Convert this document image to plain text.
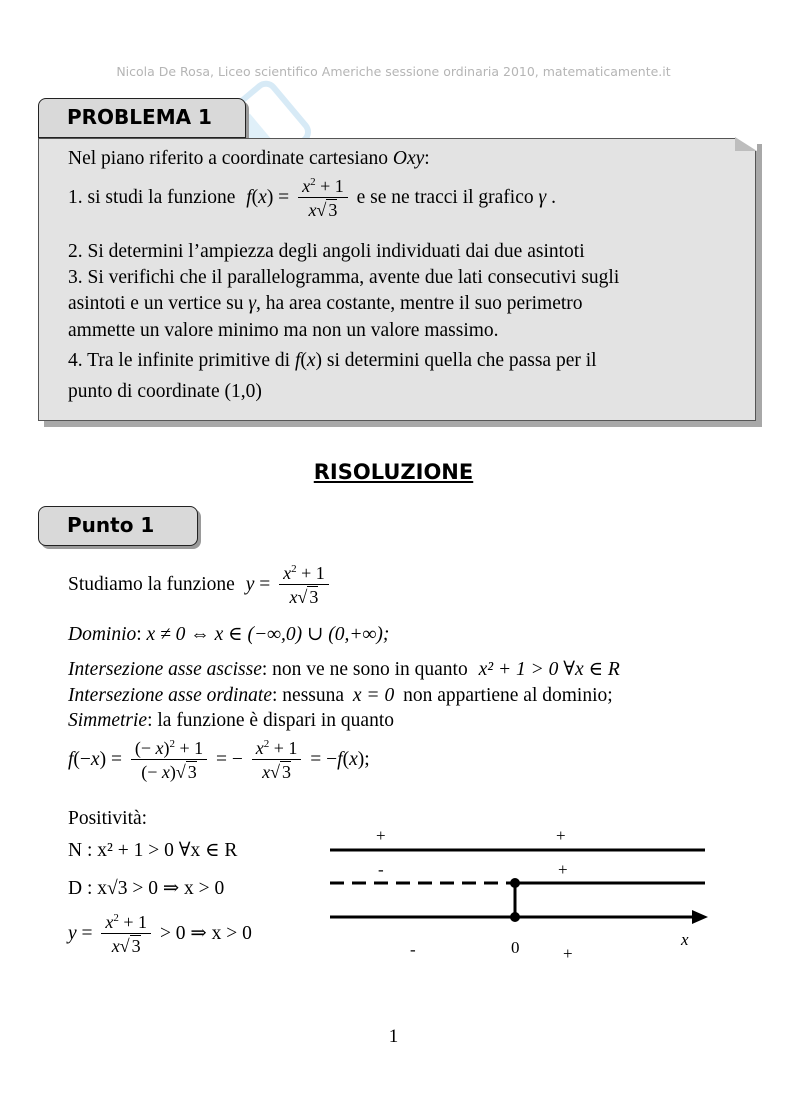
Nicola De Rosa, Liceo scientifico Americhe sessione ordinaria 2010, matematicamente.it
PROBLEMA 1
Nel piano riferito a coordinate cartesiano Oxy:
1. si studi la funzione $f(x) = \frac{x^2 + 1}{x√ 3}$ e se ne tracci il grafico γ .
2. Si determini l’ampiezza degli angoli individuati dai due asintoti
3. Si verifichi che il parallelogramma, avente due lati consecutivi sugli
asintoti e un vertice su γ, ha area costante, mentre il suo perimetro
ammette un valore minimo ma non un valore massimo.
4. Tra le infinite primitive di f(x) si determini quella che passa per il
punto di coordinate (1,0)
RISOLUZIONE
Punto 1
Studiamo la funzione $y = \frac{x^2 + 1}{x√ 3}$
Dominio: x ≠ 0 ⇔ x ∈ (−∞,0) ∪ (0,+∞);
Intersezione asse ascisse: non ve ne sono in quanto x² + 1 > 0 ∀x ∈ R
Intersezione asse ordinate: nessuna x = 0 non appartiene al dominio;
Simmetrie: la funzione è dispari in quanto
$f(-x) = \frac{(- x)^2 + 1}{(- x)√ 3}$ = − $\frac{x^2 + 1}{x√ 3} = -f(x)$;
Positività:
N : x² + 1 > 0 ∀x ∈ R
D : x√3 > 0 ⇒ x > 0
$y = \frac{x^2 + 1}{x√ 3} > 0$ ⇒ x > 0
+	+
-	+
-	+
0	x
1
